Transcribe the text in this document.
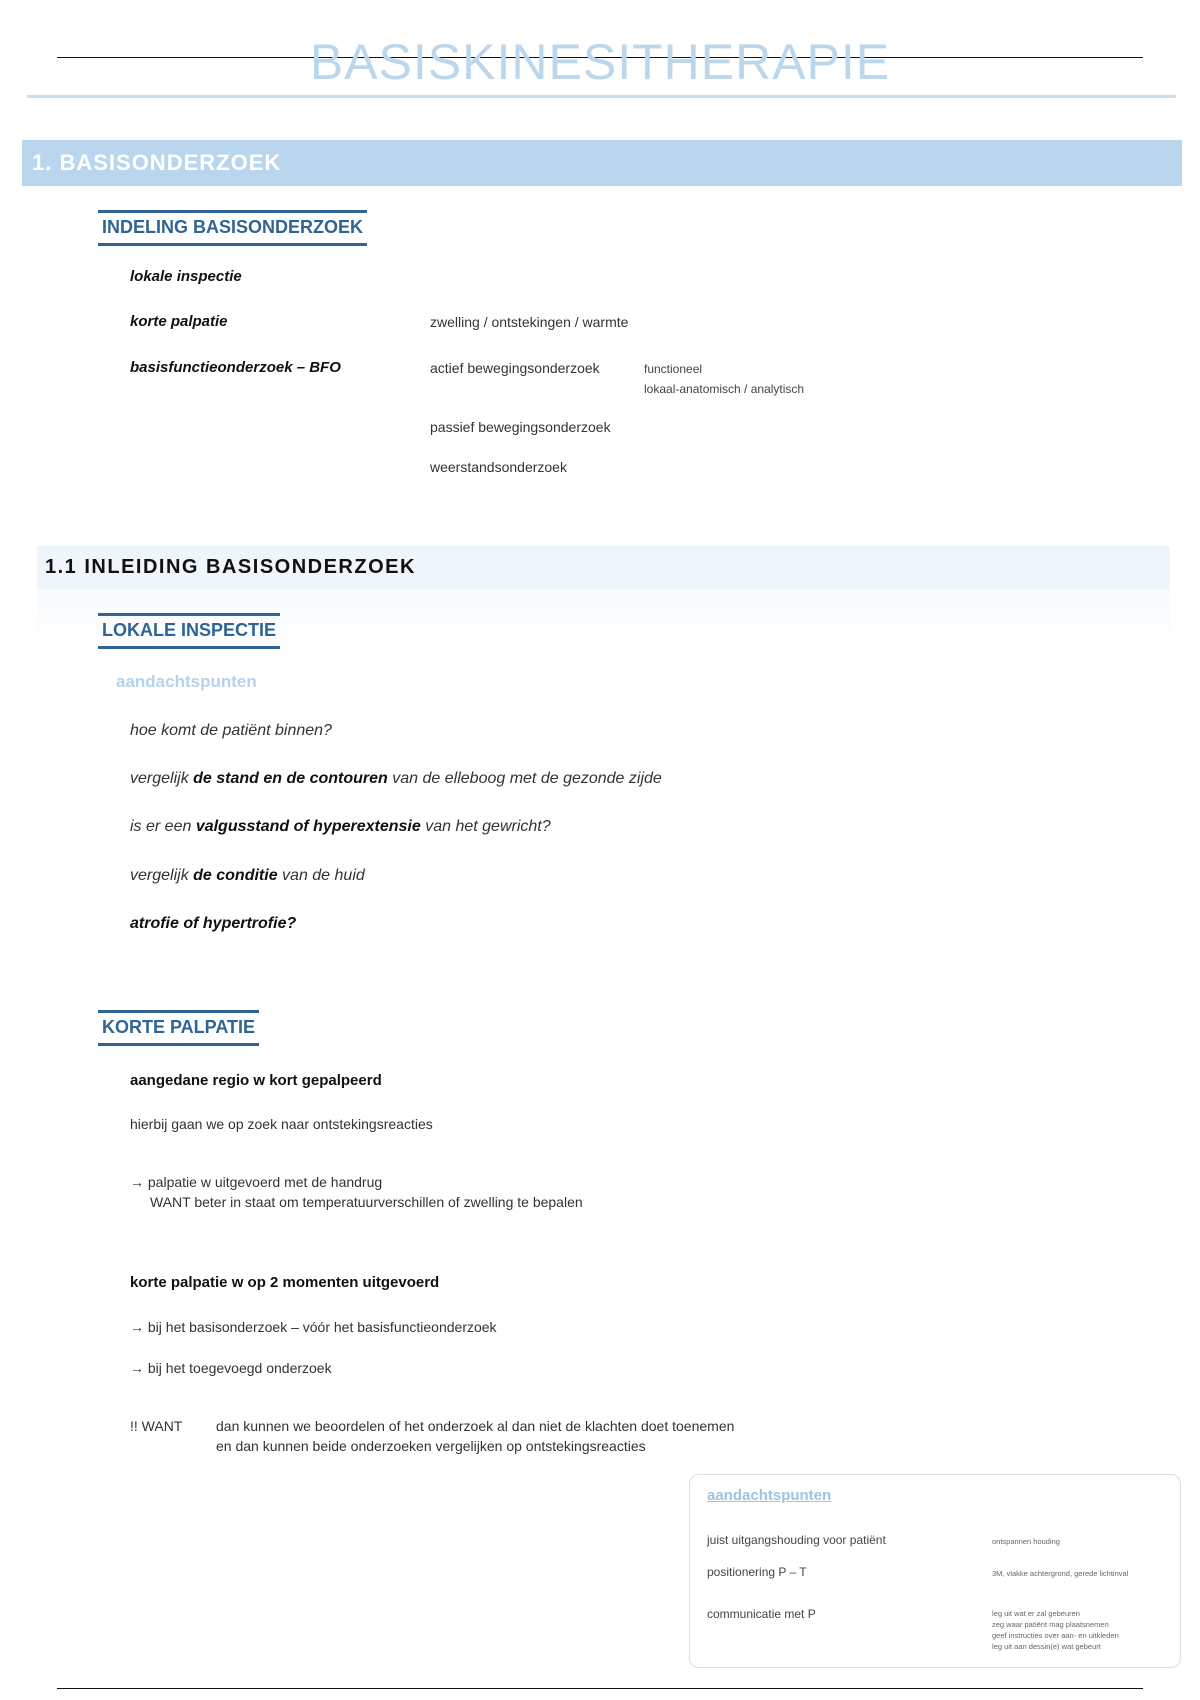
BASISKINESITHERAPIE
1. BASISONDERZOEK
INDELING BASISONDERZOEK
lokale inspectie
korte palpatie	zwelling / ontstekingen / warmte
basisfunctieonderzoek – BFO	actief bewegingsonderzoek	functioneel
lokaal-anatomisch / analytisch
passief bewegingsonderzoek
weerstandsonderzoek
1.1 INLEIDING BASISONDERZOEK
LOKALE INSPECTIE
aandachtspunten
hoe komt de patiënt binnen?
vergelijk de stand en de contouren van de elleboog met de gezonde zijde
is er een valgusstand of hyperextensie van het gewricht?
vergelijk de conditie van de huid
atrofie of hypertrofie?
KORTE PALPATIE
aangedane regio w kort gepalpeerd
hierbij gaan we op zoek naar ontstekingsreacties
→ palpatie w uitgevoerd met de handrug
WANT beter in staat om temperatuurverschillen of zwelling te bepalen
korte palpatie w op 2 momenten uitgevoerd
→ bij het basisonderzoek – vóór het basisfunctieonderzoek
→ bij het toegevoegd onderzoek
!! WANT dan kunnen we beoordelen of het onderzoek al dan niet de klachten doet toenemen
en dan kunnen beide onderzoeken vergelijken op ontstekingsreacties
aandachtspunten
juist uitgangshouding voor patiënt	ontspannen houding
positionering P – T	3M, vlakke achtergrond, gerede lichtinval
communicatie met P	leg uit wat er zal gebeuren
zeg waar patiënt mag plaatsnemen
geef instructies over aan- en uitkleden
leg uit aan dessin(e) wat gebeurt
